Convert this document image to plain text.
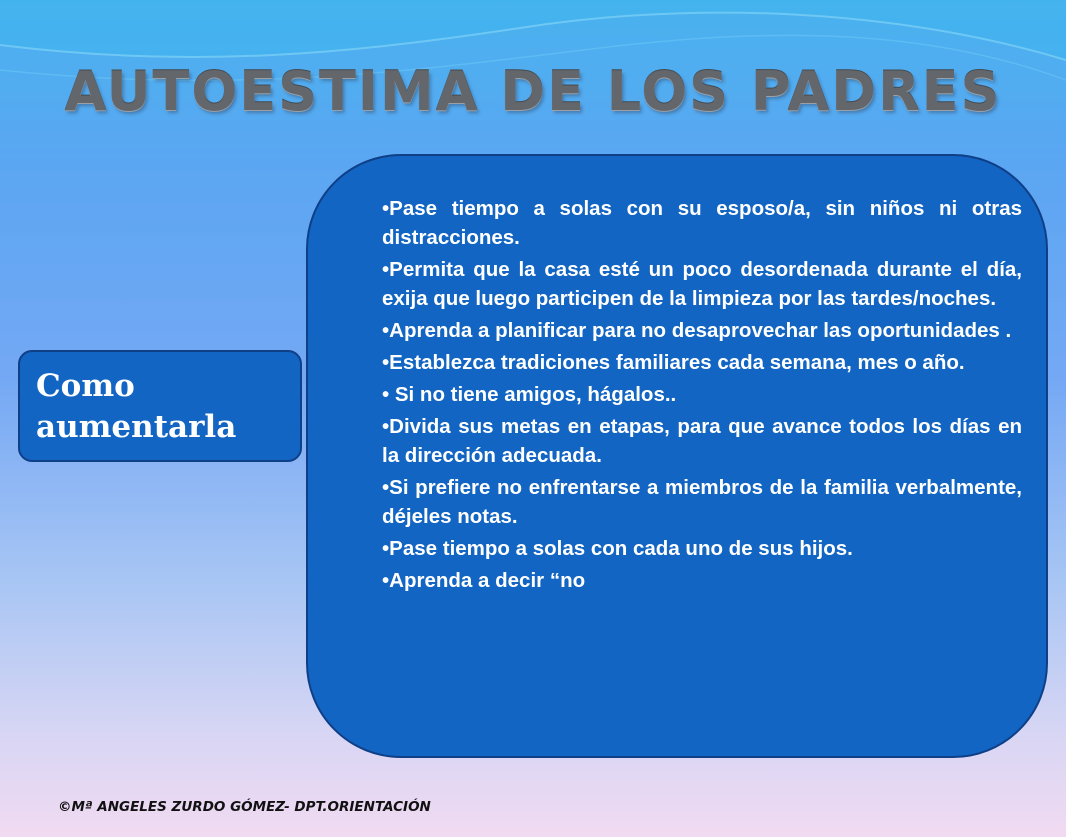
AUTOESTIMA DE LOS PADRES

Como aumentarla

•Pase tiempo a solas con su esposo/a, sin niños ni otras distracciones.
•Permita que la casa esté un poco desordenada durante el día, exija que luego participen de la limpieza por las tardes/noches.
•Aprenda a planificar para no desaprovechar las oportunidades .
•Establezca tradiciones familiares cada semana, mes o año.
• Si no tiene amigos, hágalos..
•Divida sus metas en etapas, para que avance todos los días en la dirección adecuada.
•Si prefiere no enfrentarse a miembros de la familia verbalmente, déjeles notas.
•Pase tiempo a solas con cada uno de sus hijos.
•Aprenda a decir “no
©Mª ANGELES ZURDO GÓMEZ- DPT.ORIENTACIÓN
